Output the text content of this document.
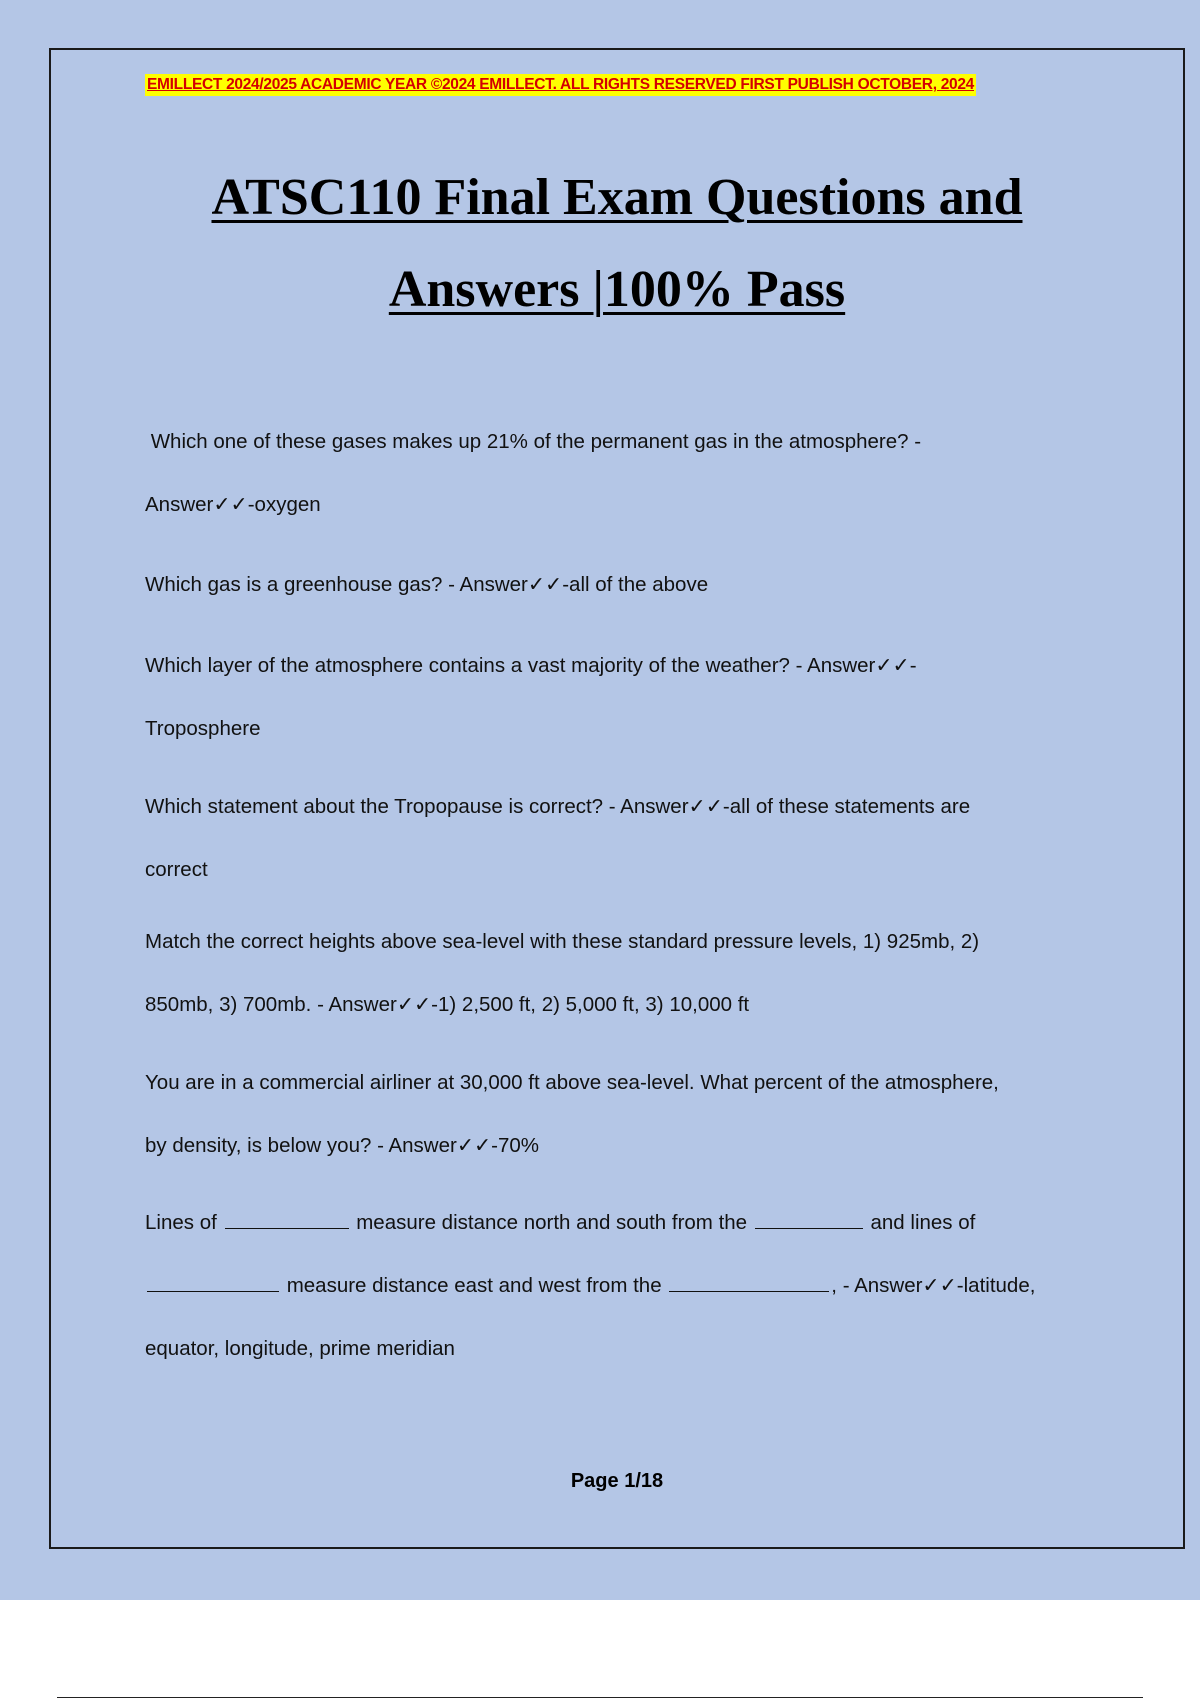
EMILLECT 2024/2025 ACADEMIC YEAR ©2024 EMILLECT. ALL RIGHTS RESERVED FIRST PUBLISH OCTOBER, 2024
ATSC110 Final Exam Questions and
Answers |100% Pass

Which one of these gases makes up 21% of the permanent gas in the atmosphere? -
Answer✓✓-oxygen

Which gas is a greenhouse gas? - Answer✓✓-all of the above

Which layer of the atmosphere contains a vast majority of the weather? - Answer✓✓-
Troposphere

Which statement about the Tropopause is correct? - Answer✓✓-all of these statements are
correct

Match the correct heights above sea-level with these standard pressure levels, 1) 925mb, 2)
850mb, 3) 700mb. - Answer✓✓-1) 2,500 ft, 2) 5,000 ft, 3) 10,000 ft

You are in a commercial airliner at 30,000 ft above sea-level. What percent of the atmosphere,
by density, is below you? - Answer✓✓-70%

Lines of	measure distance north and south from the	and lines of
measure distance east and west from the	, - Answer✓✓-latitude,
equator, longitude, prime meridian

Page 1/18
